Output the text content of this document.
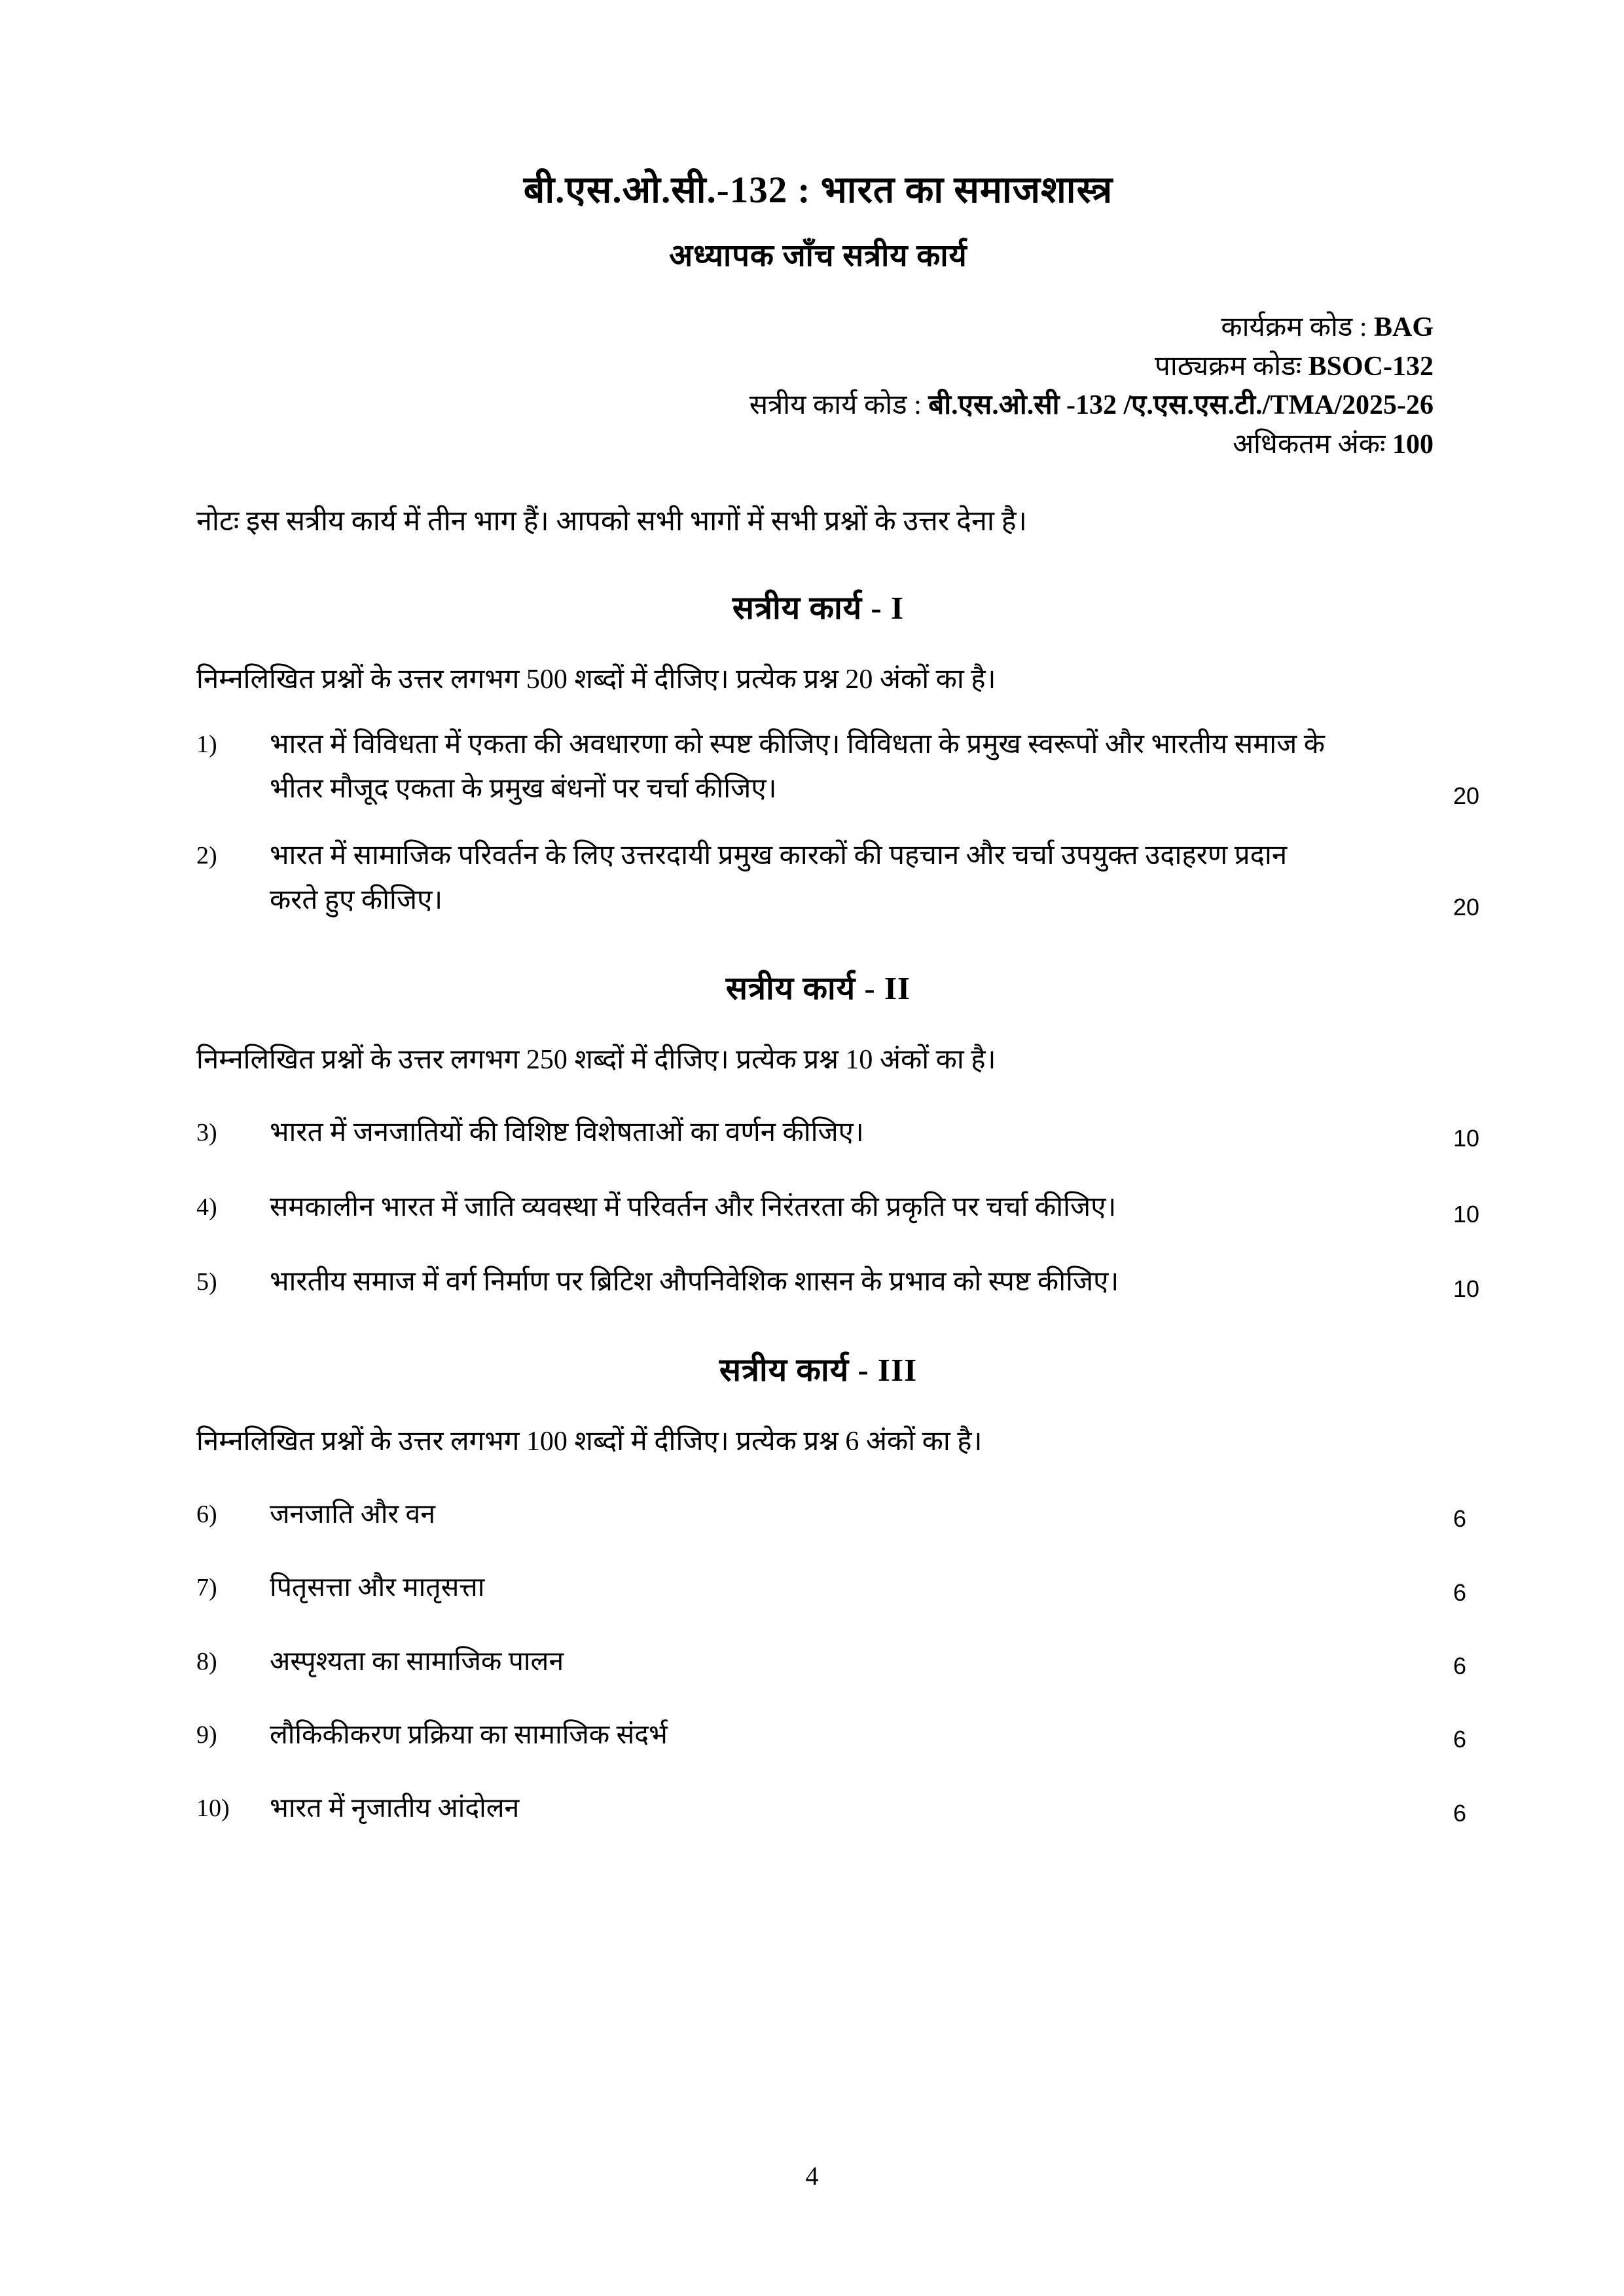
बी.एस.ओ.सी.-132 : भारत का समाजशास्त्र
अध्यापक जाँच सत्रीय कार्य
कार्यक्रम कोड : BAG
पाठ्यक्रम कोडः BSOC-132
सत्रीय कार्य कोड : बी.एस.ओ.सी -132 /ए.एस.एस.टी./TMA/2025-26
अधिकतम अंकः 100

नोटः इस सत्रीय कार्य में तीन भाग हैं। आपको सभी भागों में सभी प्रश्नों के उत्तर देना है।

सत्रीय कार्य - I
निम्नलिखित प्रश्नों के उत्तर लगभग 500 शब्दों में दीजिए। प्रत्येक प्रश्न 20 अंकों का है।
1)	भारत में विविधता में एकता की अवधारणा को स्पष्ट कीजिए। विविधता के प्रमुख स्वरूपों और भारतीय समाज के भीतर मौजूद एकता के प्रमुख बंधनों पर चर्चा कीजिए।	20
2)	भारत में सामाजिक परिवर्तन के लिए उत्तरदायी प्रमुख कारकों की पहचान और चर्चा उपयुक्त उदाहरण प्रदान करते हुए कीजिए।	20
सत्रीय कार्य - II
निम्नलिखित प्रश्नों के उत्तर लगभग 250 शब्दों में दीजिए। प्रत्येक प्रश्न 10 अंकों का है।
3)	भारत में जनजातियों की विशिष्ट विशेषताओं का वर्णन कीजिए।	10
4)	समकालीन भारत में जाति व्यवस्था में परिवर्तन और निरंतरता की प्रकृति पर चर्चा कीजिए।	10
5)	भारतीय समाज में वर्ग निर्माण पर ब्रिटिश औपनिवेशिक शासन के प्रभाव को स्पष्ट कीजिए।	10
सत्रीय कार्य - III
निम्नलिखित प्रश्नों के उत्तर लगभग 100 शब्दों में दीजिए। प्रत्येक प्रश्न 6 अंकों का है।
6)	जनजाति और वन	6
7)	पितृसत्ता और मातृसत्ता	6
8)	अस्पृश्यता का सामाजिक पालन	6
9)	लौकिकीकरण प्रक्रिया का सामाजिक संदर्भ	6
10)	भारत में नृजातीय आंदोलन	6
4
